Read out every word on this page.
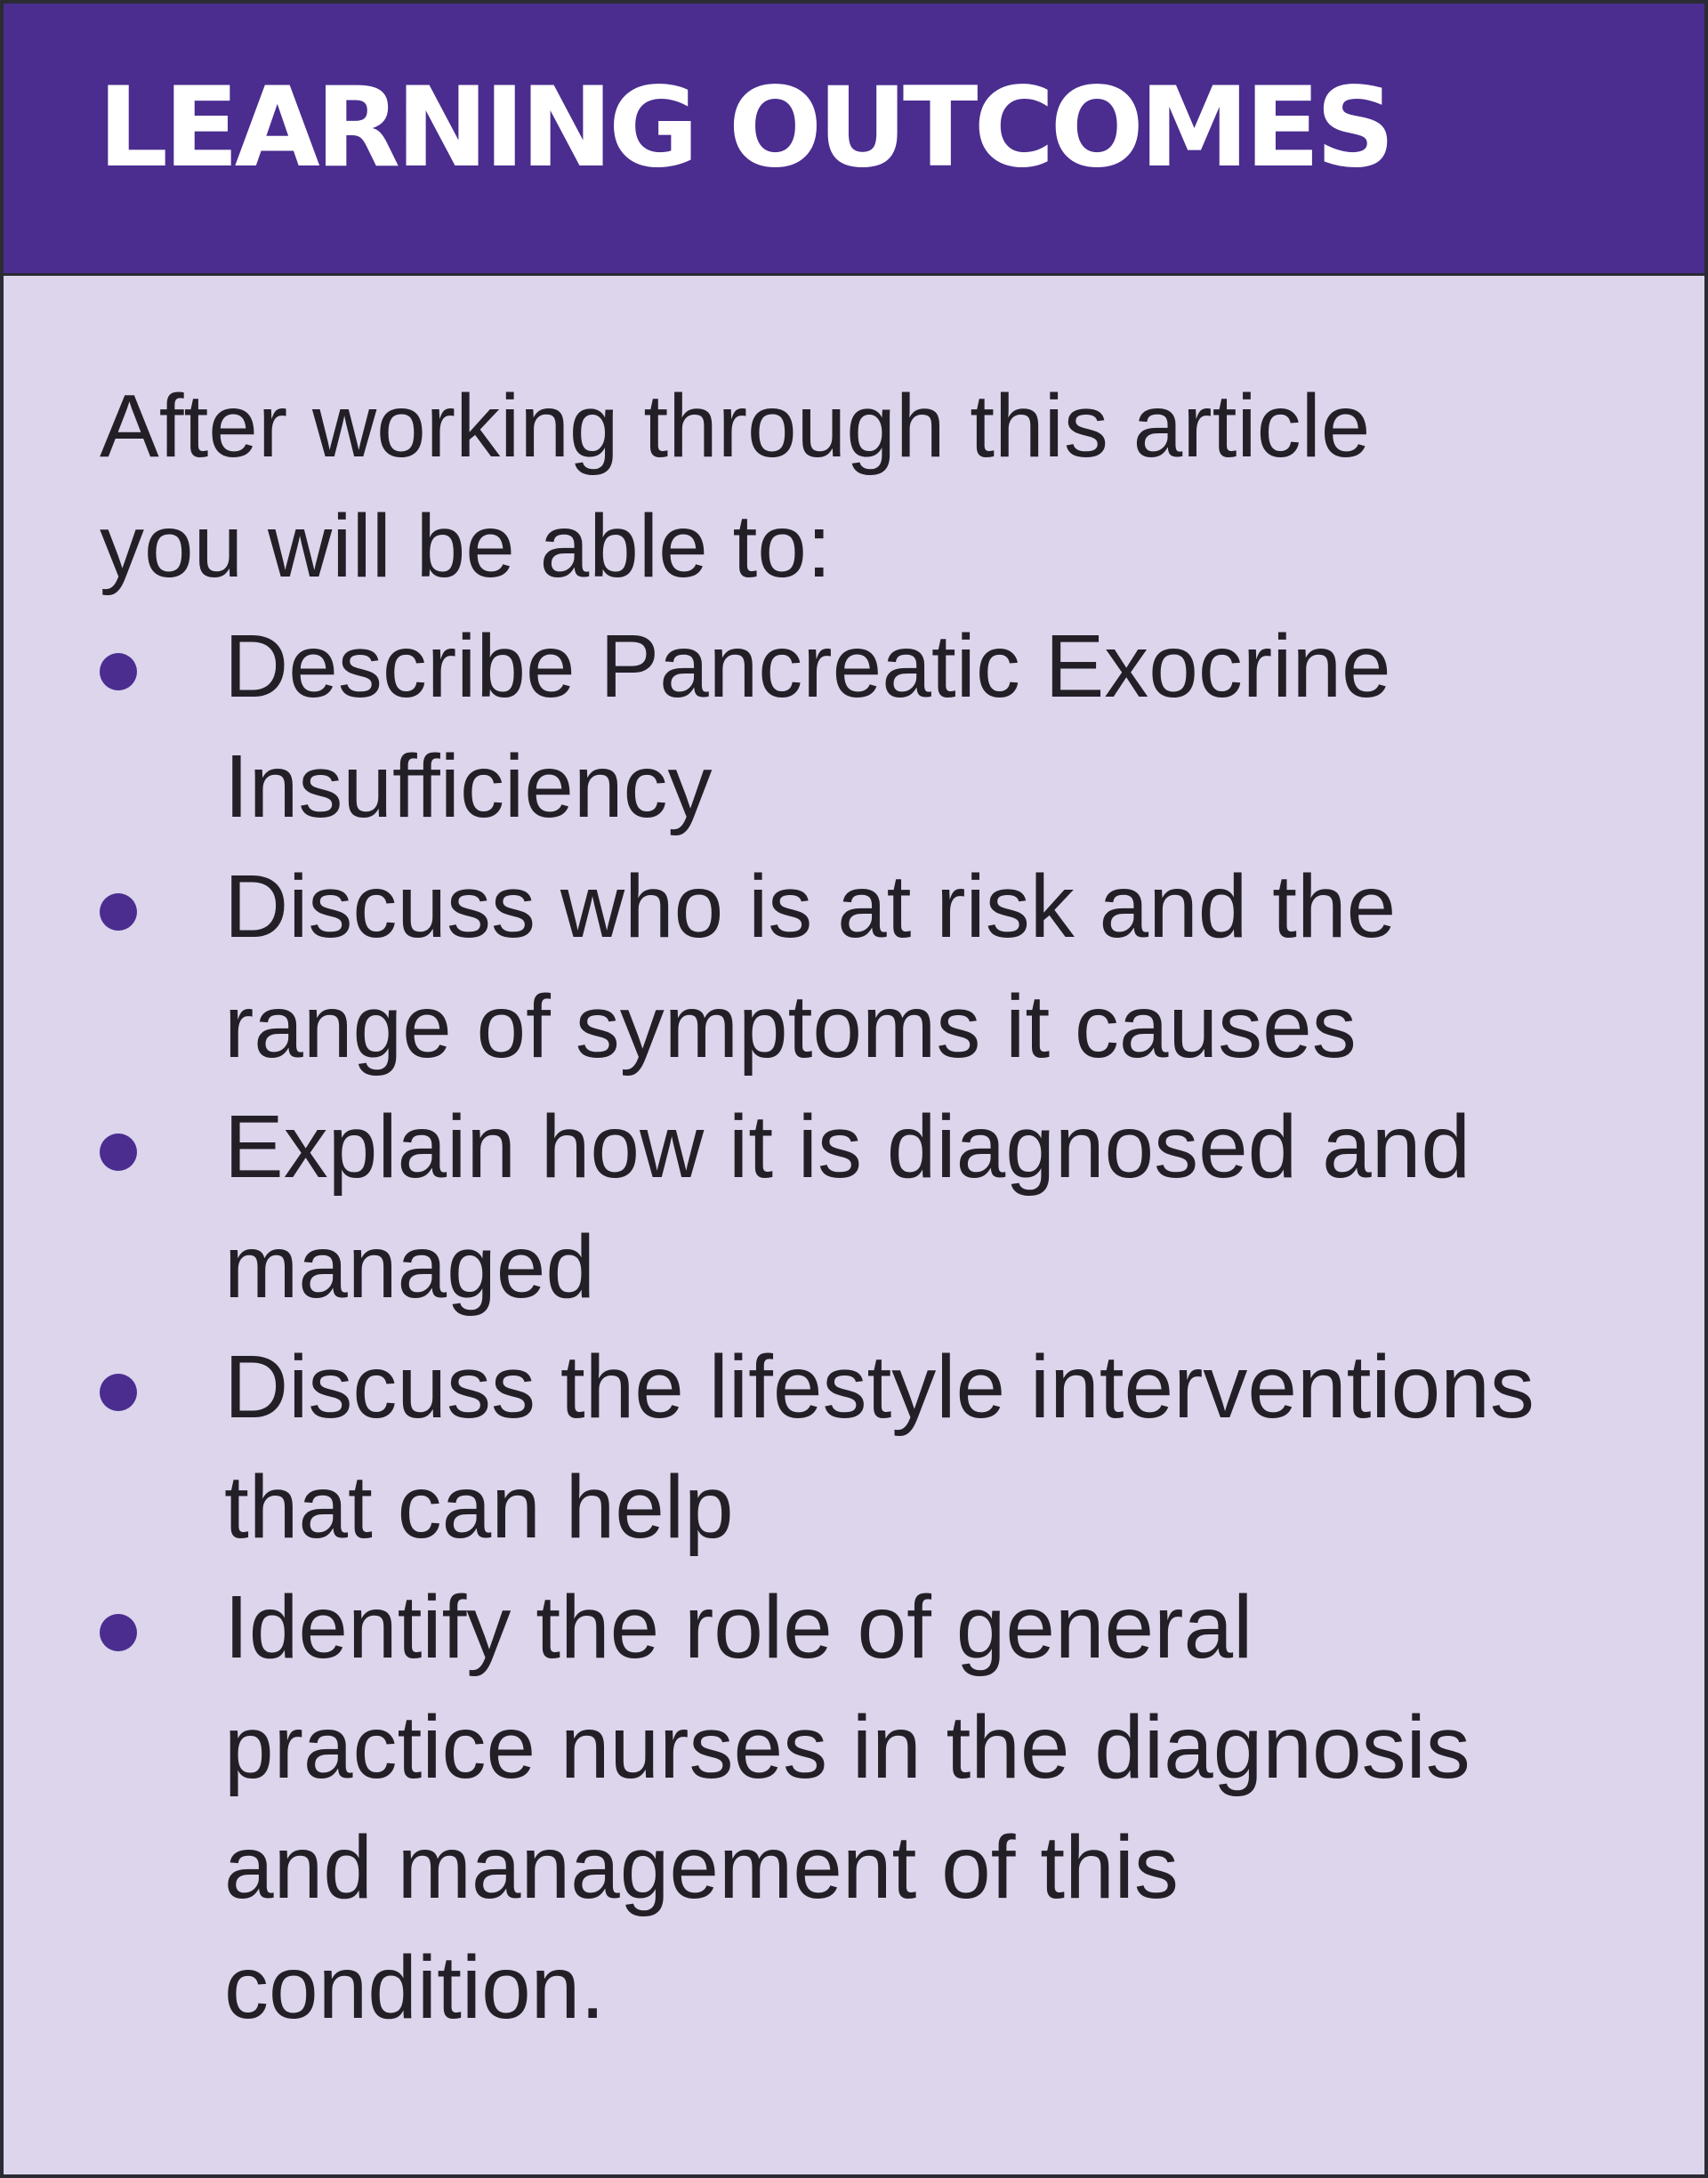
LEARNING OUTCOMES

After working through this article you will be able to:

Describe Pancreatic Exocrine Insufficiency
Discuss who is at risk and the range of symptoms it causes
Explain how it is diagnosed and managed
Discuss the lifestyle interventions that can help
Identify the role of general practice nurses in the diagnosis and management of this condition.
